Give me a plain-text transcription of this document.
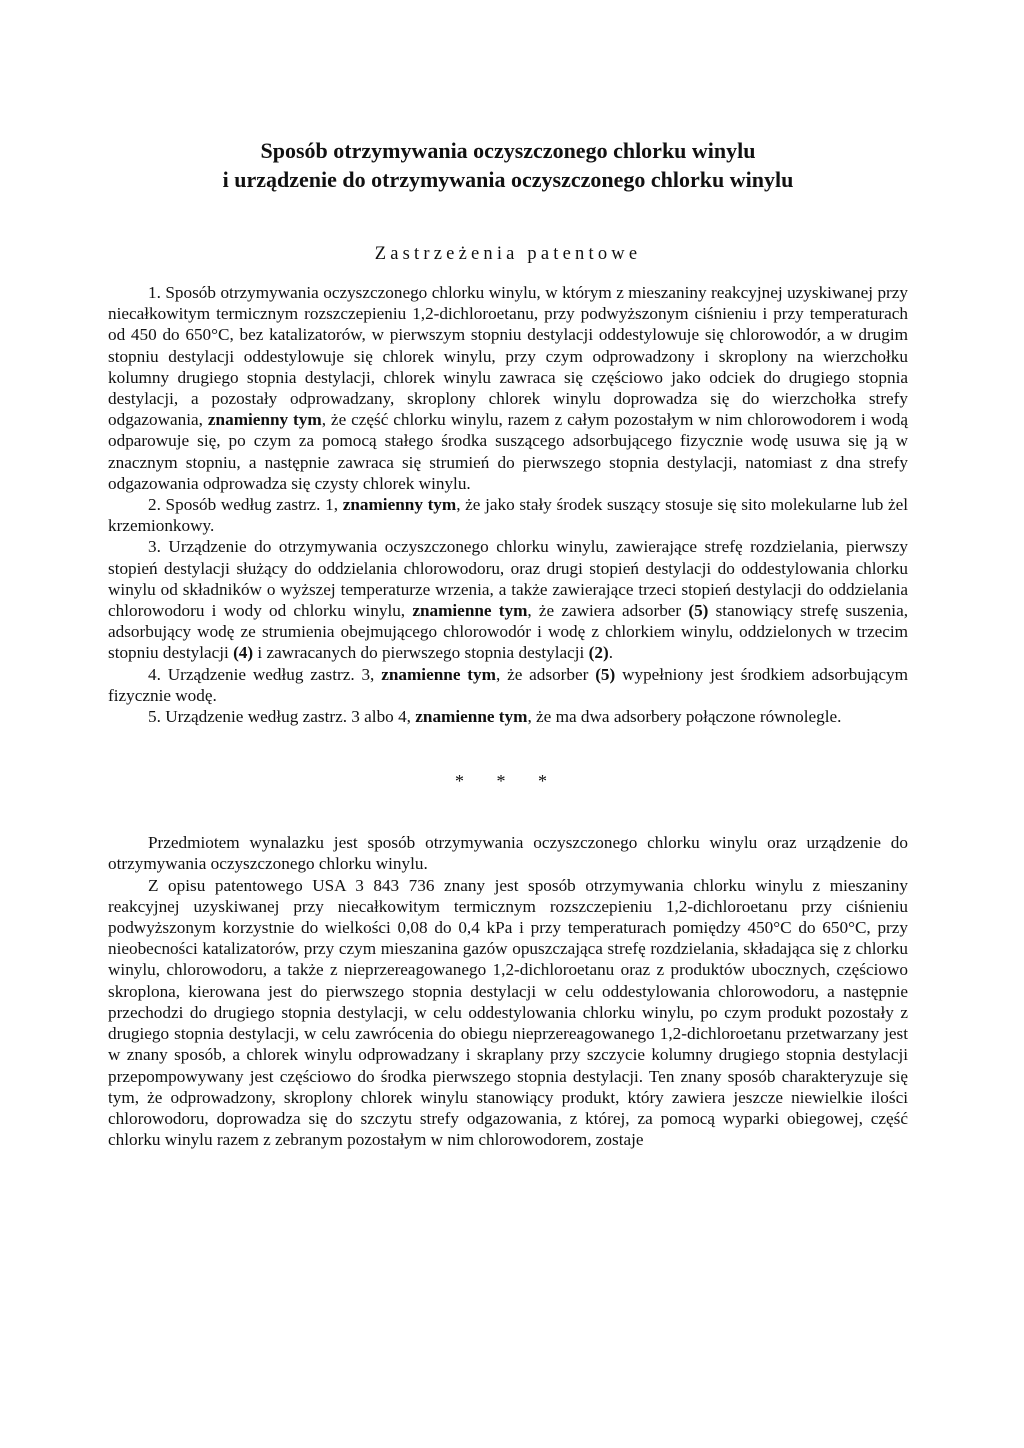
Sposób otrzymywania oczyszczonego chlorku winylu
i urządzenie do otrzymywania oczyszczonego chlorku winylu
Zastrzeżenia patentowe

1. Sposób otrzymywania oczyszczonego chlorku winylu, w którym z mieszaniny reakcyjnej uzyskiwanej przy niecałkowitym termicznym rozszczepieniu 1,2-dichloroetanu, przy podwyższonym ciśnieniu i przy temperaturach od 450 do 650°C, bez katalizatorów, w pierwszym stopniu destylacji oddestylowuje się chlorowodór, a w drugim stopniu destylacji oddestylowuje się chlorek winylu, przy czym odprowadzony i skroplony na wierzchołku kolumny drugiego stopnia destylacji, chlorek winylu zawraca się częściowo jako odciek do drugiego stopnia destylacji, a pozostały odprowadzany, skroplony chlorek winylu doprowadza się do wierzchołka strefy odgazowania, znamienny tym, że część chlorku winylu, razem z całym pozostałym w nim chlorowodorem i wodą odparowuje się, po czym za pomocą stałego środka suszącego adsorbującego fizycznie wodę usuwa się ją w znacznym stopniu, a następnie zawraca się strumień do pierwszego stopnia destylacji, natomiast z dna strefy odgazowania odprowadza się czysty chlorek winylu.

2. Sposób według zastrz. 1, znamienny tym, że jako stały środek suszący stosuje się sito molekularne lub żel krzemionkowy.

3. Urządzenie do otrzymywania oczyszczonego chlorku winylu, zawierające strefę rozdzielania, pierwszy stopień destylacji służący do oddzielania chlorowodoru, oraz drugi stopień destylacji do oddestylowania chlorku winylu od składników o wyższej temperaturze wrzenia, a także zawierające trzeci stopień destylacji do oddzielania chlorowodoru i wody od chlorku winylu, znamienne tym, że zawiera adsorber (5) stanowiący strefę suszenia, adsorbujący wodę ze strumienia obejmującego chlorowodór i wodę z chlorkiem winylu, oddzielonych w trzecim stopniu destylacji (4) i zawracanych do pierwszego stopnia destylacji (2).

4. Urządzenie według zastrz. 3, znamienne tym, że adsorber (5) wypełniony jest środkiem adsorbującym fizycznie wodę.

5. Urządzenie według zastrz. 3 albo 4, znamienne tym, że ma dwa adsorbery połączone równolegle.

* * *

Przedmiotem wynalazku jest sposób otrzymywania oczyszczonego chlorku winylu oraz urządzenie do otrzymywania oczyszczonego chlorku winylu.

Z opisu patentowego USA 3 843 736 znany jest sposób otrzymywania chlorku winylu z mieszaniny reakcyjnej uzyskiwanej przy niecałkowitym termicznym rozszczepieniu 1,2-dichloroetanu przy ciśnieniu podwyższonym korzystnie do wielkości 0,08 do 0,4 kPa i przy temperaturach pomiędzy 450°C do 650°C, przy nieobecności katalizatorów, przy czym mieszanina gazów opuszczająca strefę rozdzielania, składająca się z chlorku winylu, chlorowodoru, a także z nieprzereagowanego 1,2-dichloroetanu oraz z produktów ubocznych, częściowo skroplona, kierowana jest do pierwszego stopnia destylacji w celu oddestylowania chlorowodoru, a następnie przechodzi do drugiego stopnia destylacji, w celu oddestylowania chlorku winylu, po czym produkt pozostały z drugiego stopnia destylacji, w celu zawrócenia do obiegu nieprzereagowanego 1,2-dichloroetanu przetwarzany jest w znany sposób, a chlorek winylu odprowadzany i skraplany przy szczycie kolumny drugiego stopnia destylacji przepompowywany jest częściowo do środka pierwszego stopnia destylacji. Ten znany sposób charakteryzuje się tym, że odprowadzony, skroplony chlorek winylu stanowiący produkt, który zawiera jeszcze niewielkie ilości chlorowodoru, doprowadza się do szczytu strefy odgazowania, z której, za pomocą wyparki obiegowej, część chlorku winylu razem z zebranym pozostałym w nim chlorowodorem, zostaje
